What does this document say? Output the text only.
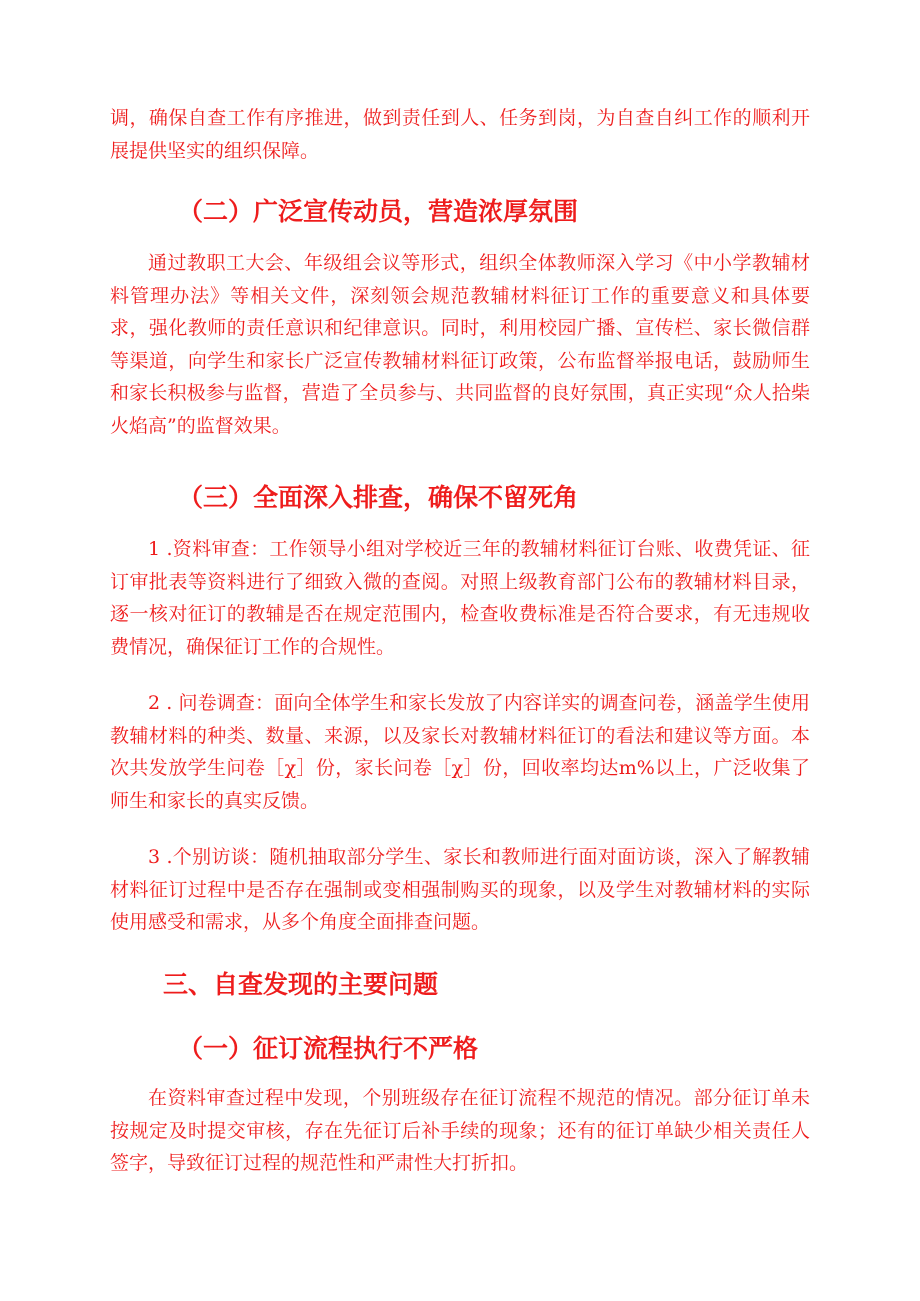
调，确保自查工作有序推进，做到责任到人、任务到岗，为自查自纠工作的顺利开展提供坚实的组织保障。

（二）广泛宣传动员，营造浓厚氛围

通过教职工大会、年级组会议等形式，组织全体教师深入学习《中小学教辅材料管理办法》等相关文件，深刻领会规范教辅材料征订工作的重要意义和具体要求，强化教师的责任意识和纪律意识。同时，利用校园广播、宣传栏、家长微信群等渠道，向学生和家长广泛宣传教辅材料征订政策，公布监督举报电话，鼓励师生和家长积极参与监督，营造了全员参与、共同监督的良好氛围，真正实现“众人拾柴火焰高”的监督效果。

（三）全面深入排查，确保不留死角

1 .资料审查：工作领导小组对学校近三年的教辅材料征订台账、收费凭证、征订审批表等资料进行了细致入微的查阅。对照上级教育部门公布的教辅材料目录，逐一核对征订的教辅是否在规定范围内，检查收费标准是否符合要求，有无违规收费情况，确保征订工作的合规性。

2 . 问卷调查：面向全体学生和家长发放了内容详实的调查问卷，涵盖学生使用教辅材料的种类、数量、来源，以及家长对教辅材料征订的看法和建议等方面。本次共发放学生问卷［χ］份，家长问卷［χ］份，回收率均达m%以上，广泛收集了师生和家长的真实反馈。

3 .个别访谈：随机抽取部分学生、家长和教师进行面对面访谈，深入了解教辅材料征订过程中是否存在强制或变相强制购买的现象，以及学生对教辅材料的实际使用感受和需求，从多个角度全面排查问题。

三、自查发现的主要问题
（一）征订流程执行不严格

在资料审查过程中发现，个别班级存在征订流程不规范的情况。部分征订单未按规定及时提交审核，存在先征订后补手续的现象；还有的征订单缺少相关责任人签字，导致征订过程的规范性和严肃性大打折扣。
